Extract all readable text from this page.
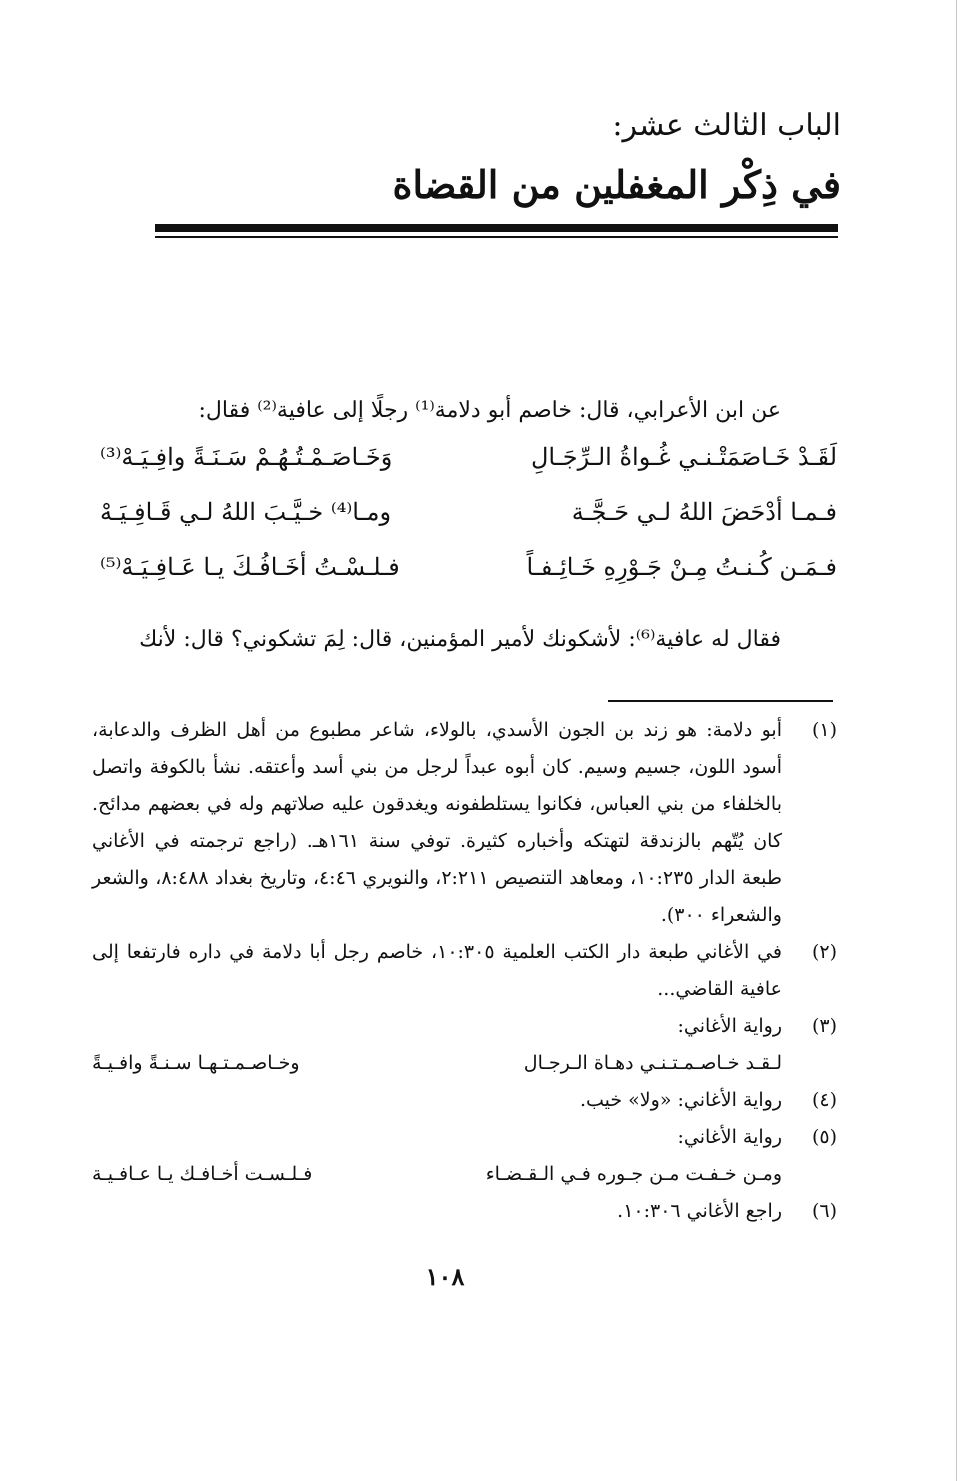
الباب الثالث عشر:
في ذِكْر المغفلين من القضاة
عن ابن الأعرابي، قال: خاصم أبو دلامة⁽¹⁾ رجلًا إلى عافية⁽²⁾ فقال:
لَقَـدْ خَـاصَمَتْـنـي غُـواةُ الـرِّجَـالِ
وَخَـاصَـمْـتُـهُـمْ سَـنَـةً وافِـيَـهْ⁽³⁾
فـمـا أدْحَضَ اللهُ لـي حَـجَّـة
ومـا⁽⁴⁾ خـيَّـبَ اللهُ لـي قَـافِـيَـهْ
فـمَـن كُـنـتُ مِـنْ جَـوْرِهِ خَـائِـفـاً
فـلـسْـتُ أخَـافُـكَ يـا عَـافِـيَـهْ⁽⁵⁾
فقال له عافية⁽⁶⁾: لأشكونك لأمير المؤمنين، قال: لِمَ تشكوني؟ قال: لأنك
(١)
أبو دلامة: هو زند بن الجون الأسدي، بالولاء، شاعر مطبوع من أهل الظرف والدعابة، أسود اللون، جسيم وسيم. كان أبوه عبداً لرجل من بني أسد وأعتقه. نشأ بالكوفة واتصل بالخلفاء من بني العباس، فكانوا يستلطفونه ويغدقون عليه صلاتهم وله في بعضهم مدائح. كان يُتّهم بالزندقة لتهتكه وأخباره كثيرة. توفي سنة ١٦١هـ. (راجع ترجمته في الأغاني طبعة الدار ١٠:٢٣٥، ومعاهد التنصيص ٢:٢١١، والنويري ٤:٤٦، وتاريخ بغداد ٨:٤٨٨، والشعر والشعراء ٣٠٠).
(٢)
في الأغاني طبعة دار الكتب العلمية ١٠:٣٠٥، خاصم رجل أبا دلامة في داره فارتفعا إلى عافية القاضي...
(٣)
رواية الأغاني:
لـقـد خـاصـمـتـنـي دهـاة الـرجـال
وخـاصـمـتـهـا سـنـةً وافـيـةً
(٤)
رواية الأغاني: «ولا» خيب.
(٥)
رواية الأغاني:
ومـن خـفـت مـن جـوره فـي الـقـضـاء
فـلـسـت أخـافـك يـا عـافـيـة
(٦)
راجع الأغاني ١٠:٣٠٦.
١٠٨
